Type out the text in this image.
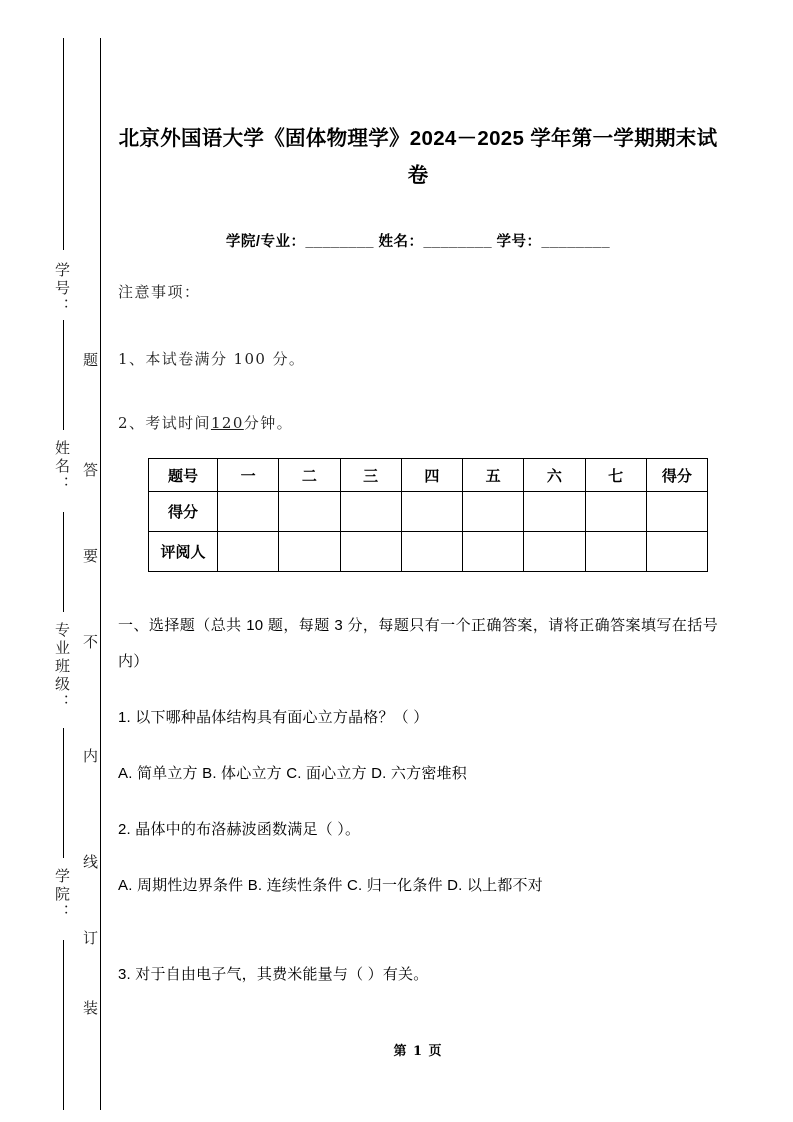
学号：
姓名：
专业班级：
学院：
题
答
要
不
内
线
订
装
北京外国语大学《固体物理学》2024－2025 学年第一学期期末试卷
学院/专业：________ 姓名：________ 学号：________
注意事项：
1、本试卷满分 100 分。
2、考试时间120分钟。
题号	一	二	三	四	五	六	七	得分
得分								
评阅人								
一、选择题（总共 10 题，每题 3 分，每题只有一个正确答案，请将正确答案填写在括号内）
1. 以下哪种晶体结构具有面心立方晶格？（ ）
A. 简单立方 B. 体心立方 C. 面心立方 D. 六方密堆积
2. 晶体中的布洛赫波函数满足（ ）。
A. 周期性边界条件 B. 连续性条件 C. 归一化条件 D. 以上都不对
3. 对于自由电子气，其费米能量与（ ）有关。
第 1 页
